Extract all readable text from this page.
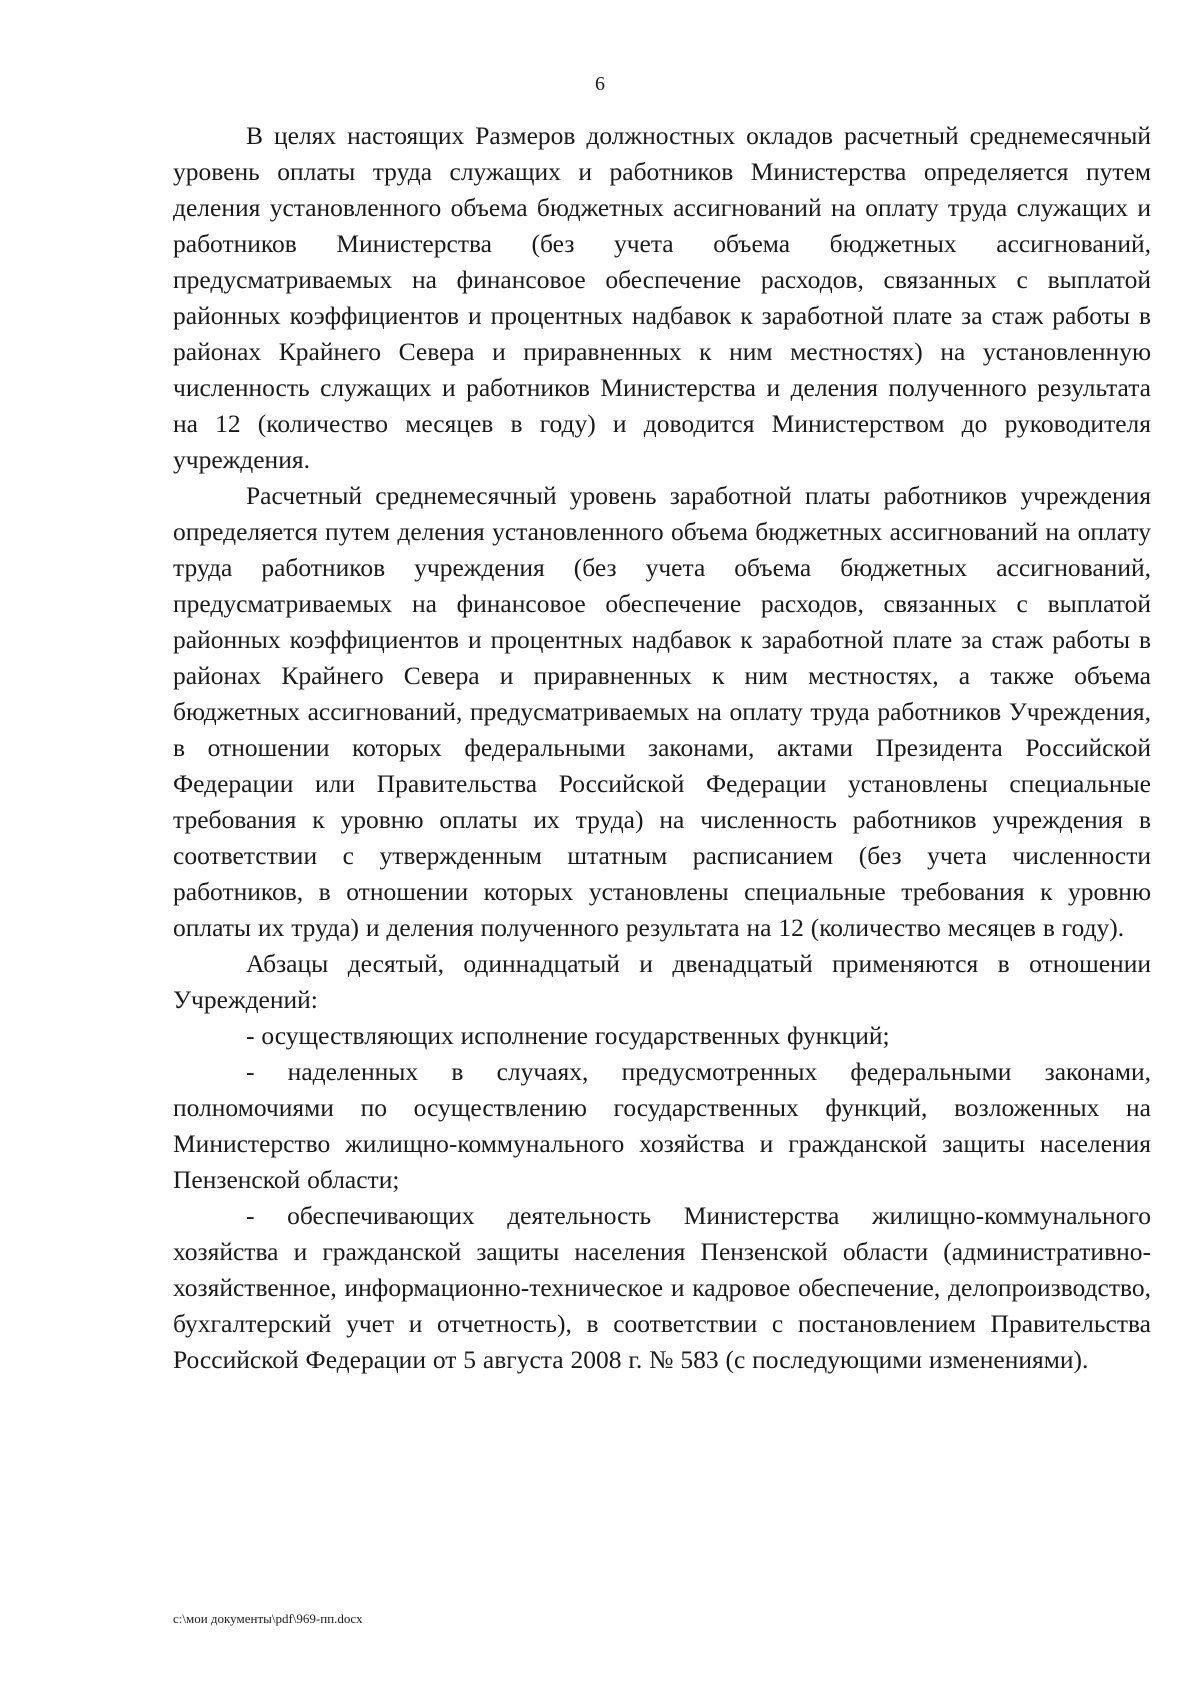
6

В целях настоящих Размеров должностных окладов расчетный среднемесячный уровень оплаты труда служащих и работников Министерства определяется путем деления установленного объема бюджетных ассигнований на оплату труда служащих и работников Министерства (без учета объема бюджетных ассигнований, предусматриваемых на финансовое обеспечение расходов, связанных с выплатой районных коэффициентов и процентных надбавок к заработной плате за стаж работы в районах Крайнего Севера и приравненных к ним местностях) на установленную численность служащих и работников Министерства и деления полученного результата на 12 (количество месяцев в году) и доводится Министерством до руководителя учреждения.

Расчетный среднемесячный уровень заработной платы работников учреждения определяется путем деления установленного объема бюджетных ассигнований на оплату труда работников учреждения (без учета объема бюджетных ассигнований, предусматриваемых на финансовое обеспечение расходов, связанных с выплатой районных коэффициентов и процентных надбавок к заработной плате за стаж работы в районах Крайнего Севера и приравненных к ним местностях, а также объема бюджетных ассигнований, предусматриваемых на оплату труда работников Учреждения, в отношении которых федеральными законами, актами Президента Российской Федерации или Правительства Российской Федерации установлены специальные требования к уровню оплаты их труда) на численность работников учреждения в соответствии с утвержденным штатным расписанием (без учета численности работников, в отношении которых установлены специальные требования к уровню оплаты их труда) и деления полученного результата на 12 (количество месяцев в году).

Абзацы десятый, одиннадцатый и двенадцатый применяются в отношении Учреждений:

- осуществляющих исполнение государственных функций;

- наделенных в случаях, предусмотренных федеральными законами, полномочиями по осуществлению государственных функций, возложенных на Министерство жилищно-коммунального хозяйства и гражданской защиты населения Пензенской области;

- обеспечивающих деятельность Министерства жилищно-коммунального хозяйства и гражданской защиты населения Пензенской области (административно-хозяйственное, информационно-техническое и кадровое обеспечение, делопроизводство, бухгалтерский учет и отчетность), в соответствии с постановлением Правительства Российской Федерации от 5 августа 2008 г. № 583 (с последующими изменениями).

c:\мои документы\pdf\969-пп.docx
